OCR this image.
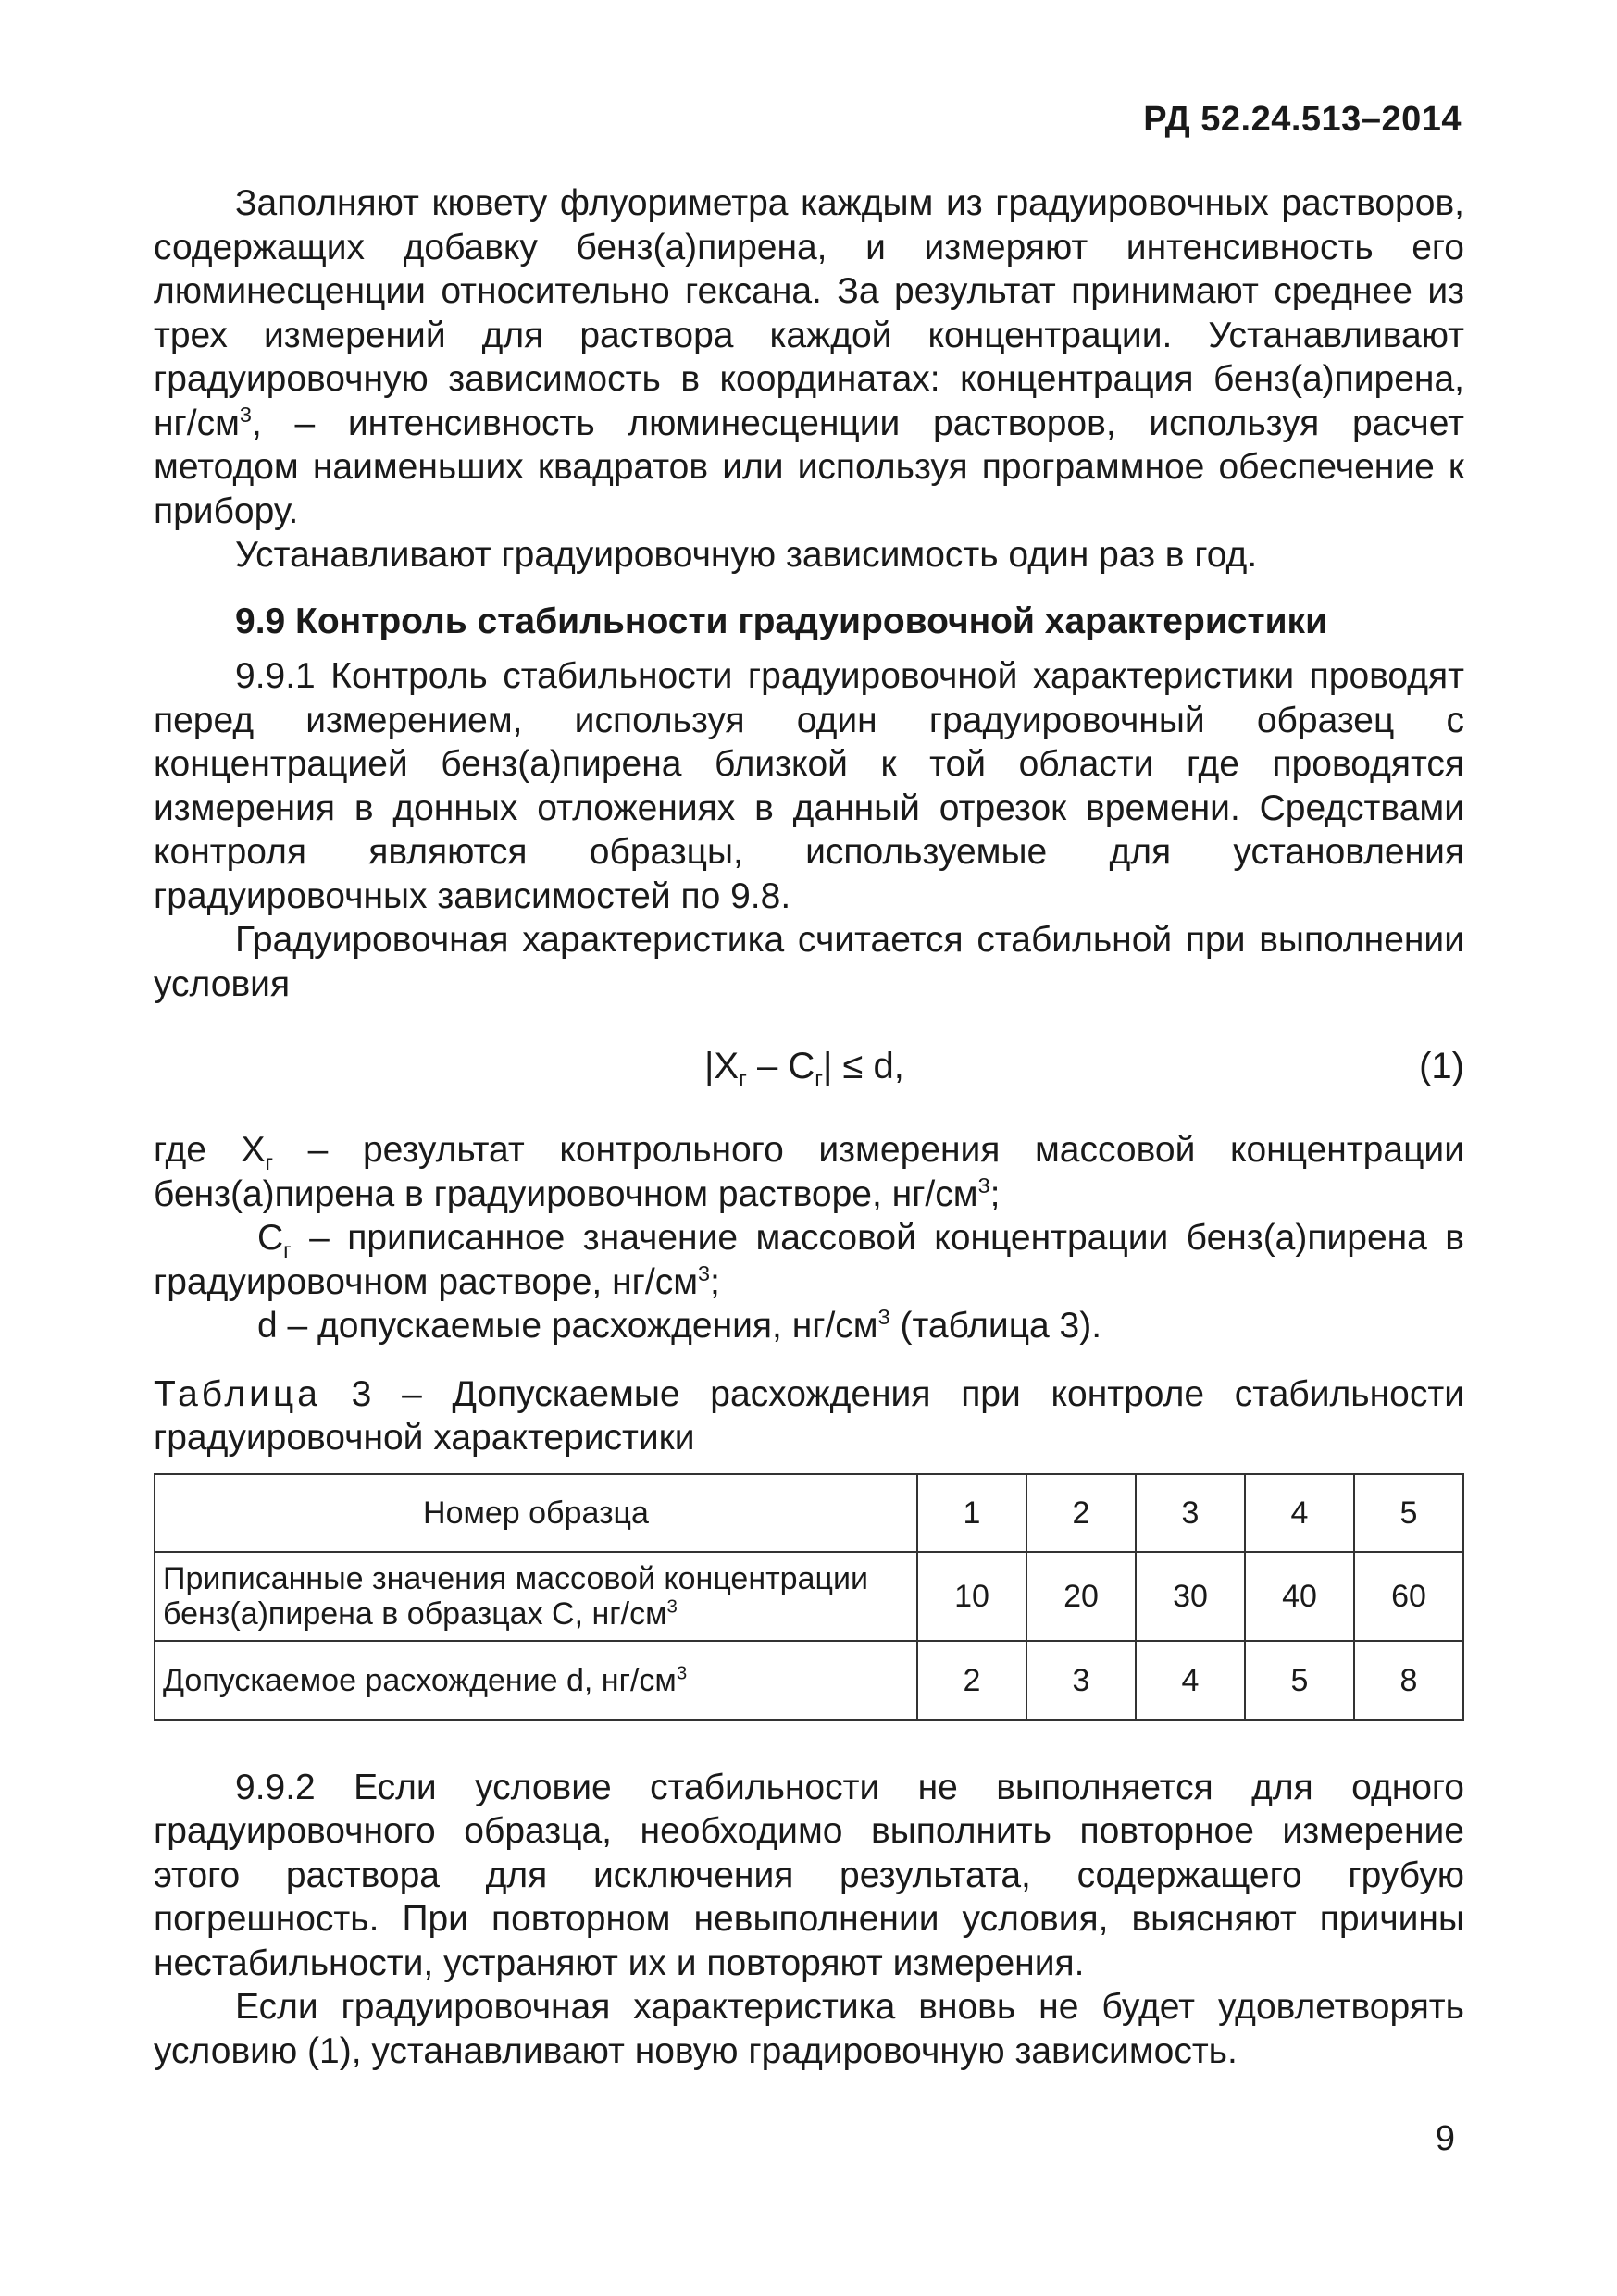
РД 52.24.513–2014

Заполняют кювету флуориметра каждым из градуировочных растворов, содержащих добавку бенз(а)пирена, и измеряют интенсивность его люминесценции относительно гексана. За результат принимают среднее из трех измерений для раствора каждой концентрации. Устанавливают градуировочную зависимость в координатах: концентрация бенз(а)пирена, $нг/см^3$, – интенсивность люминесценции растворов, используя расчет методом наименьших квадратов или используя программное обеспечение к прибору.

Устанавливают градуировочную зависимость один раз в год.

9.9 Контроль стабильности градуировочной характеристики

9.9.1 Контроль стабильности градуировочной характеристики проводят перед измерением, используя один градуировочный образец с концентрацией бенз(а)пирена близкой к той области где проводятся измерения в донных отложениях в данный отрезок времени. Средствами контроля являются образцы, используемые для установления градуировочных зависимостей по 9.8.

Градуировочная характеристика считается стабильной при выполнении условия

$|X_г - C_г| \le d$,	(1)

где $X_г$ – результат контрольного измерения массовой концентрации бенз(а)пирена в градуировочном растворе, $нг/см^3$;

$C_г$ – приписанное значение массовой концентрации бенз(а)пирена в градуировочном растворе, $нг/см^3$;

d – допускаемые расхождения, $нг/см^3$ (таблица 3).

Таблица 3 – Допускаемые расхождения при контроле стабильности градуировочной характеристики

Номер образца	1	2	3	4	5
Приписанные значения массовой концентрации бенз(а)пирена в образцах С, $нг/см^3$	10	20	30	40	60
Допускаемое расхождение d, $нг/см^3$	2	3	4	5	8

9.9.2 Если условие стабильности не выполняется для одного градуировочного образца, необходимо выполнить повторное измерение этого раствора для исключения результата, содержащего грубую погрешность. При повторном невыполнении условия, выясняют причины нестабильности, устраняют их и повторяют измерения.

Если градуировочная характеристика вновь не будет удовлетворять условию (1), устанавливают новую градировочную зависимость.

9
